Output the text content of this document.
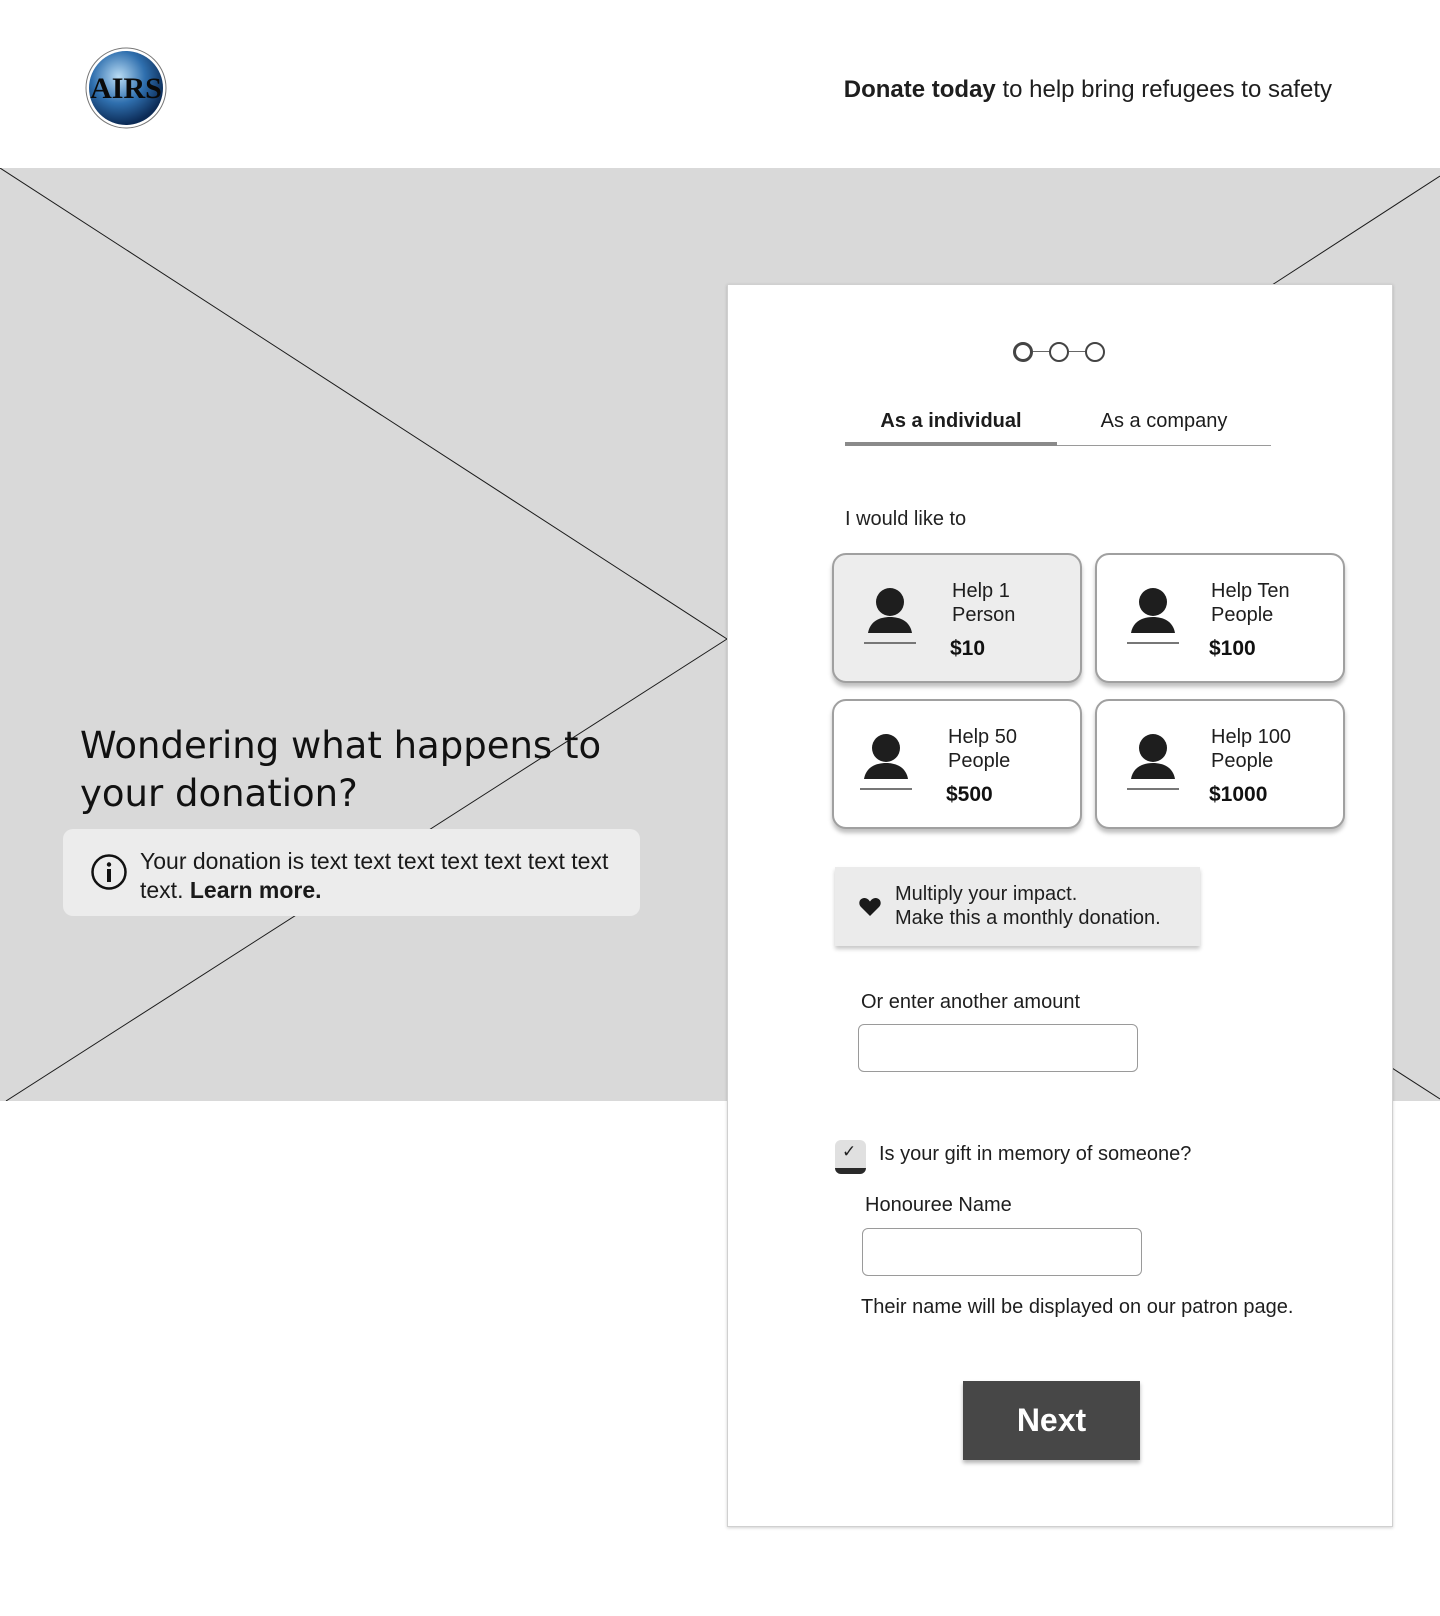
AIRS	Donate today to help bring refugees to safety
Wondering what happens to your donation?
Your donation is text text text text text text text text. Learn more.
As a individual	As a company
I would like to
Help 1 Person
$10
Help Ten People
$100
Help 50 People
$500
Help 100 People
$1000
Multiply your impact.
Make this a monthly donation.
Or enter another amount
✓ Is your gift in memory of someone?
Honouree Name
Their name will be displayed on our patron page.
Next
